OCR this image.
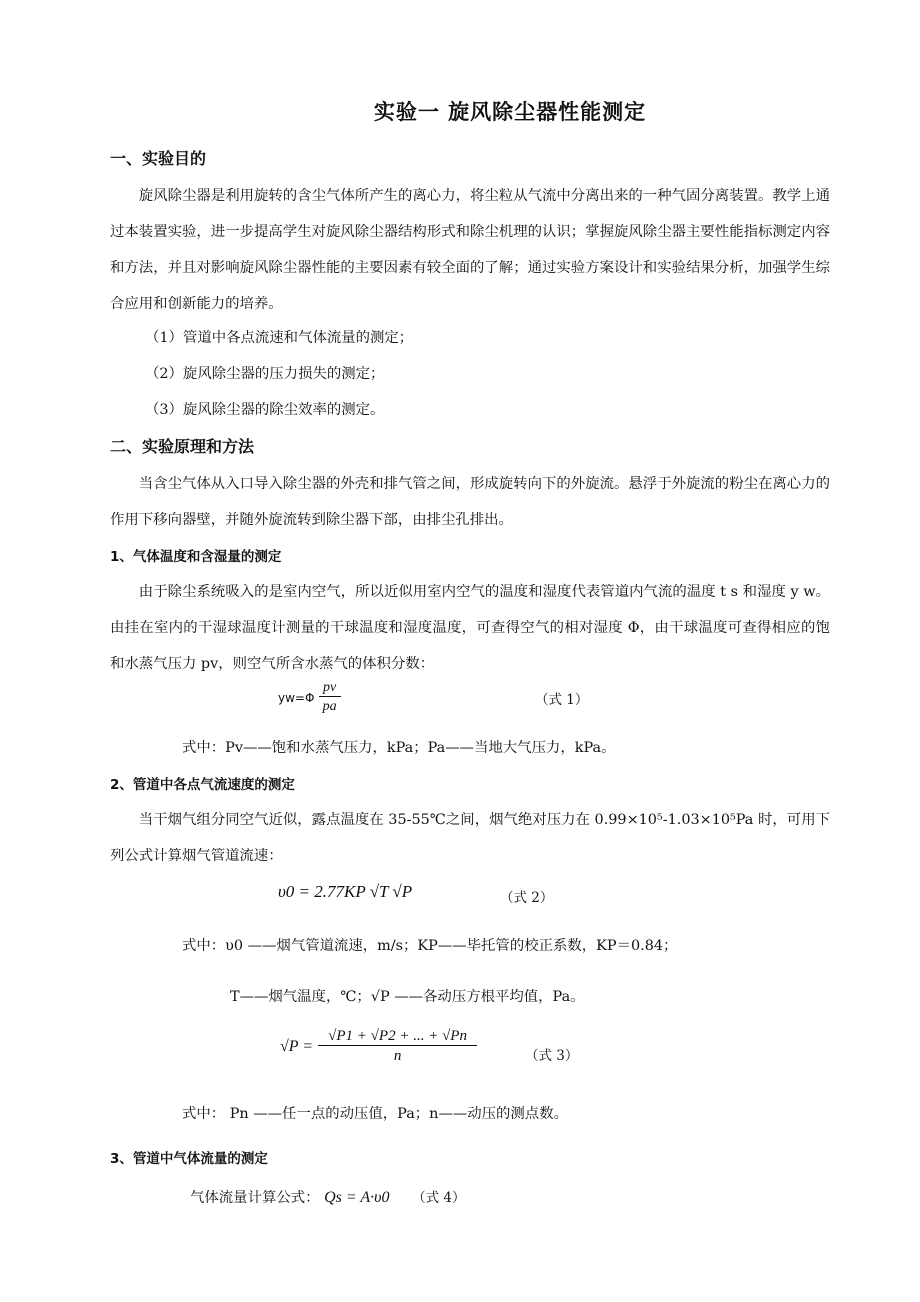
实验一 旋风除尘器性能测定
一、实验目的
旋风除尘器是利用旋转的含尘气体所产生的离心力，将尘粒从气流中分离出来的一种气固分离装置。教学上通过本装置实验，进一步提高学生对旋风除尘器结构形式和除尘机理的认识；掌握旋风除尘器主要性能指标测定内容和方法，并且对影响旋风除尘器性能的主要因素有较全面的了解；通过实验方案设计和实验结果分析，加强学生综合应用和创新能力的培养。
（1）管道中各点流速和气体流量的测定；
（2）旋风除尘器的压力损失的测定；
（3）旋风除尘器的除尘效率的测定。
二、实验原理和方法
当含尘气体从入口导入除尘器的外壳和排气管之间，形成旋转向下的外旋流。悬浮于外旋流的粉尘在离心力的作用下移向器壁，并随外旋流转到除尘器下部，由排尘孔排出。
1、气体温度和含湿量的测定
由于除尘系统吸入的是室内空气，所以近似用室内空气的温度和湿度代表管道内气流的温度 t s 和湿度 y w。由挂在室内的干湿球温度计测量的干球温度和湿度温度，可查得空气的相对湿度 Φ，由干球温度可查得相应的饱和水蒸气压力 pv，则空气所含水蒸气的体积分数：
$yw=\Phi \frac{pv}{pa}$	（式 1）
式中：Pv——饱和水蒸气压力，kPa；Pa——当地大气压力，kPa。
2、管道中各点气流速度的测定
当干烟气组分同空气近似，露点温度在 35-55℃之间，烟气绝对压力在 0.99×10⁵-1.03×10⁵Pa 时，可用下列公式计算烟气管道流速：
υ0 = 2.77KP √T √P	（式 2）
式中：υ0 ——烟气管道流速，m/s；KP——毕托管的校正系数，KP＝0.84；
T——烟气温度，℃；√P ——各动压方根平均值，Pa。
$√P = \frac{√P1 + √P2 + ... + √Pn}{n}$	（式 3）
式中： Pn ——任一点的动压值，Pa；n——动压的测点数。
3、管道中气体流量的测定
气体流量计算公式： Qs = A·υ0 （式 4）
